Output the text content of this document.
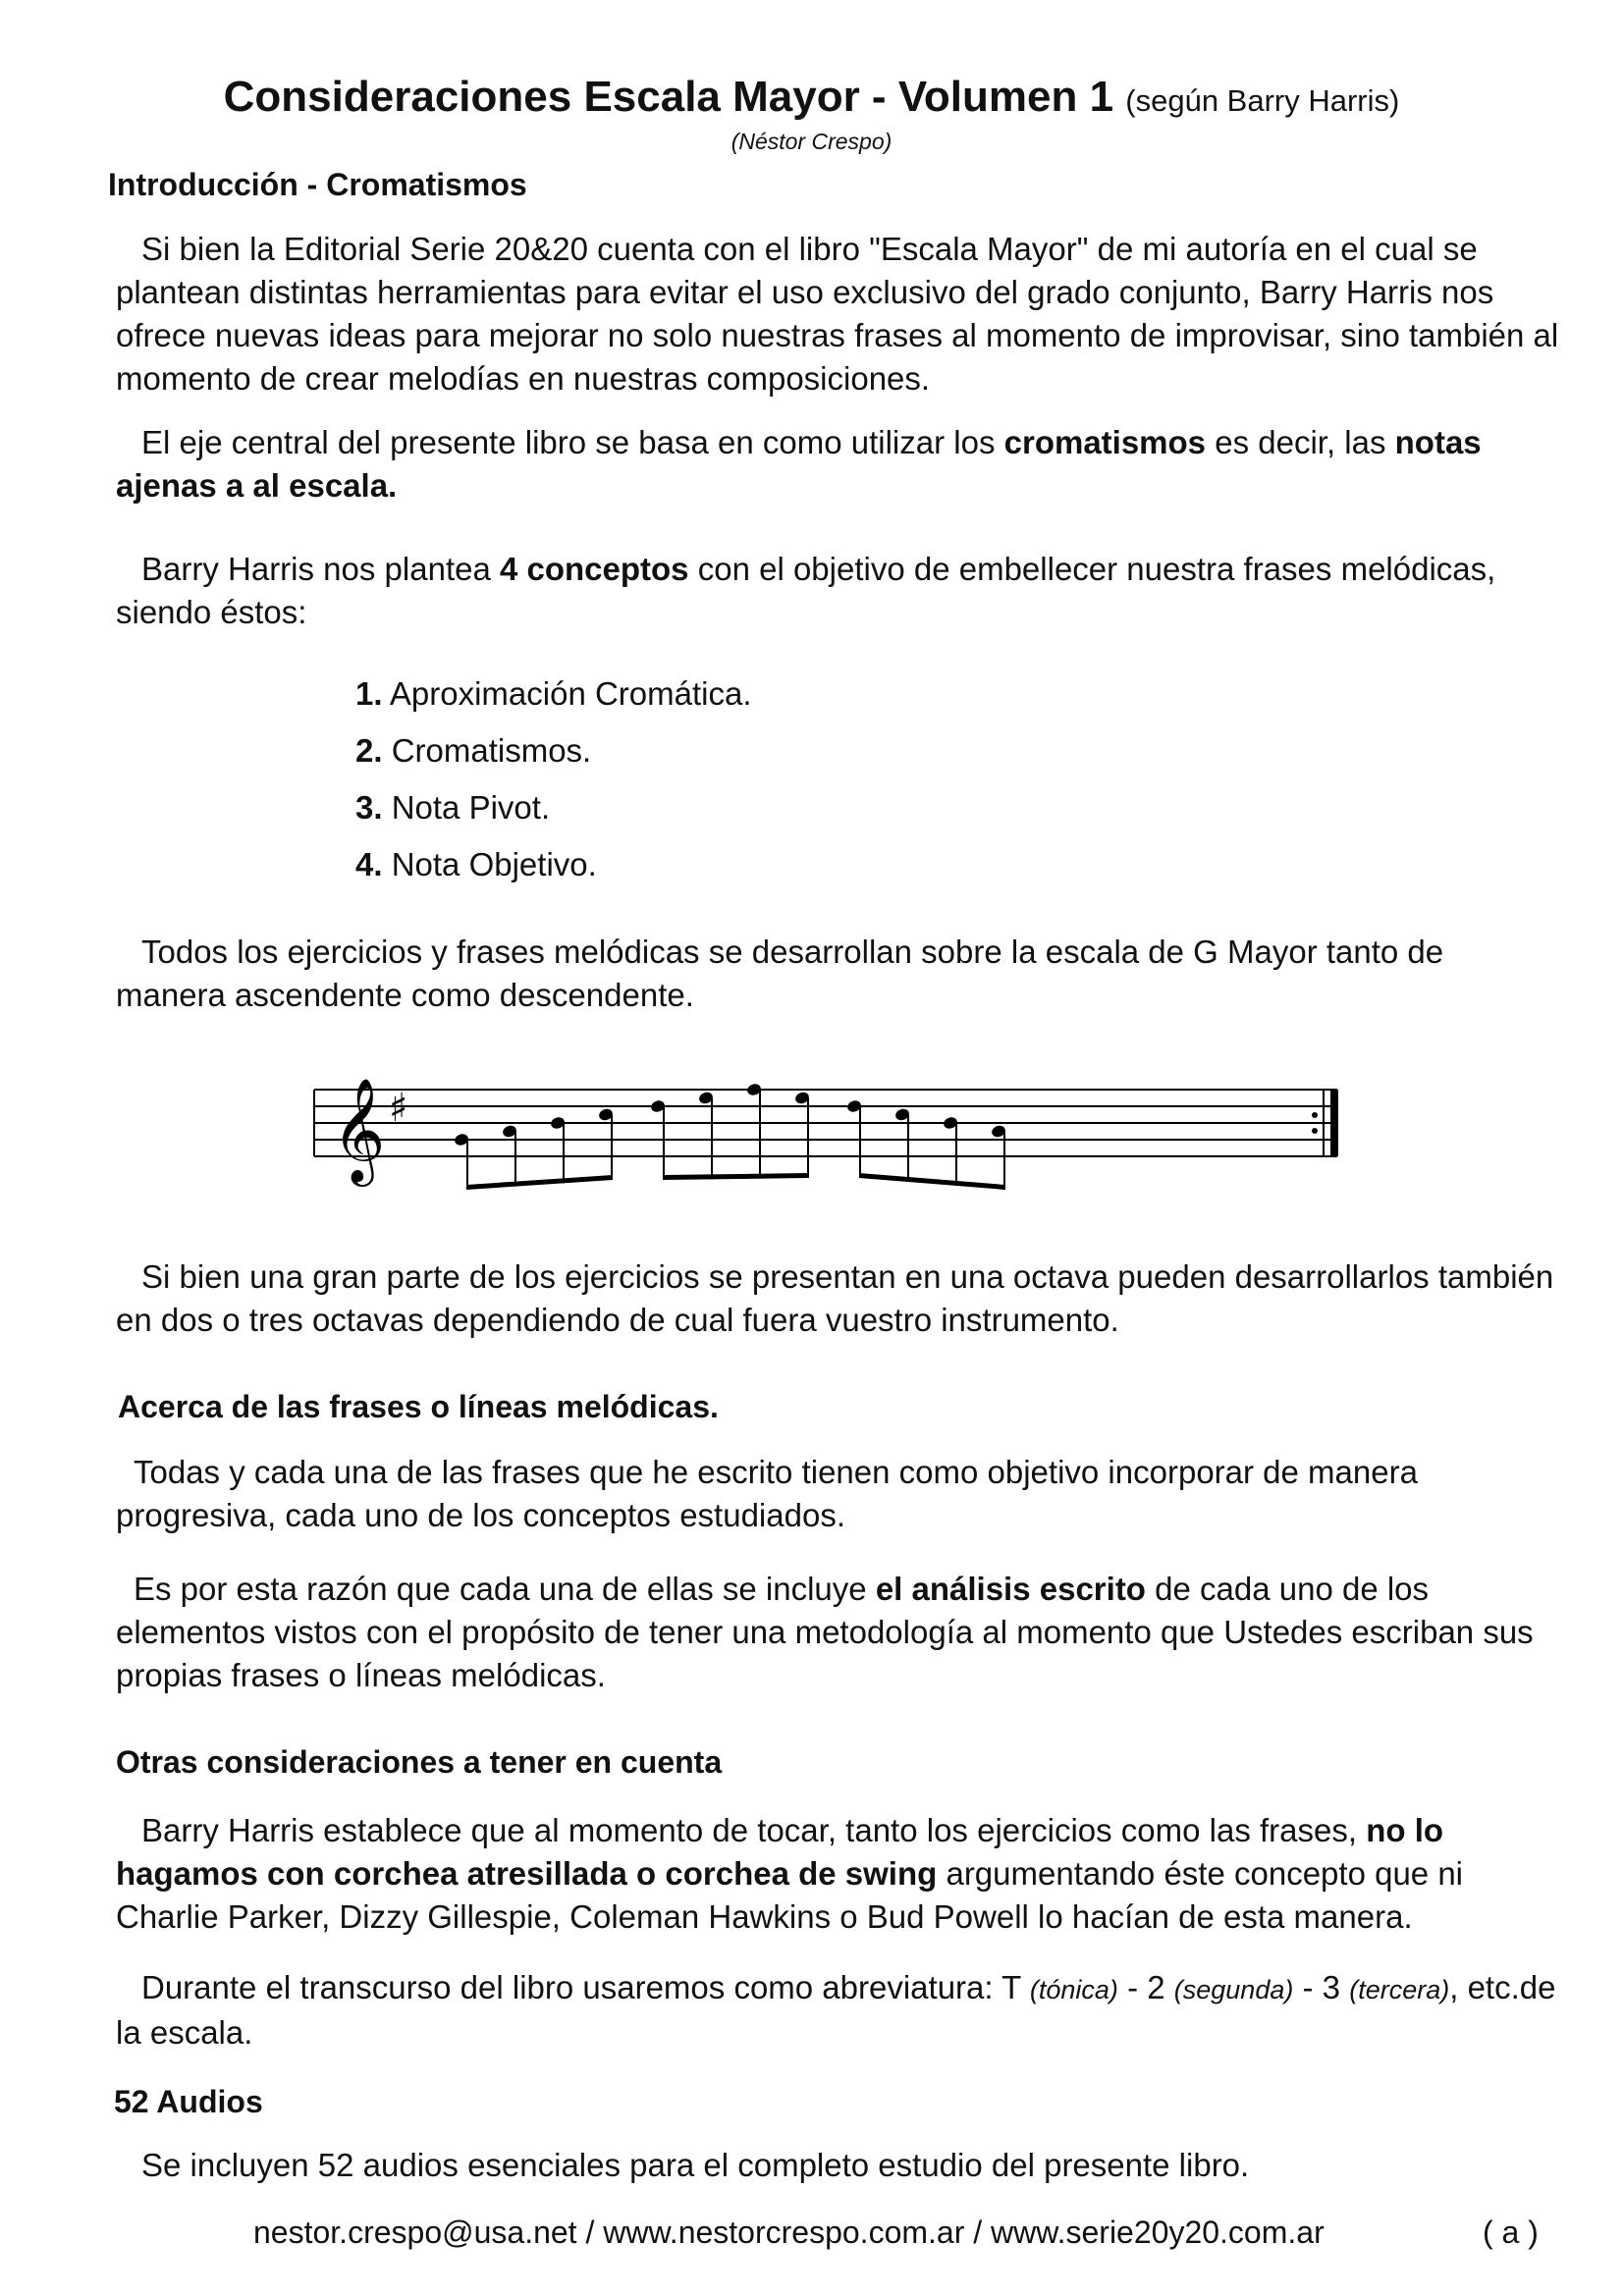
Consideraciones Escala Mayor - Volumen 1 (según Barry Harris)
(Néstor Crespo)
Introducción - Cromatismos
Si bien la Editorial Serie 20&20 cuenta con el libro "Escala Mayor" de mi autoría en el cual se plantean distintas herramientas para evitar el uso exclusivo del grado conjunto, Barry Harris nos ofrece nuevas ideas para mejorar no solo nuestras frases al momento de improvisar, sino también al momento de crear melodías en nuestras composiciones.
El eje central del presente libro se basa en como utilizar los cromatismos es decir, las notas ajenas a al escala.
Barry Harris nos plantea 4 conceptos con el objetivo de embellecer nuestra frases melódicas, siendo éstos:
1. Aproximación Cromática.
2. Cromatismos.
3. Nota Pivot.
4. Nota Objetivo.
Todos los ejercicios y frases melódicas se desarrollan sobre la escala de G Mayor tanto de manera ascendente como descendente.
𝄞 ♯
Si bien una gran parte de los ejercicios se presentan en una octava pueden desarrollarlos también en dos o tres octavas dependiendo de cual fuera vuestro instrumento.
Acerca de las frases o líneas melódicas.
Todas y cada una de las frases que he escrito tienen como objetivo incorporar de manera progresiva, cada uno de los conceptos estudiados.
Es por esta razón que cada una de ellas se incluye el análisis escrito de cada uno de los elementos vistos con el propósito de tener una metodología al momento que Ustedes escriban sus propias frases o líneas melódicas.
Otras consideraciones a tener en cuenta
Barry Harris establece que al momento de tocar, tanto los ejercicios como las frases, no lo hagamos con corchea atresillada o corchea de swing argumentando éste concepto que ni Charlie Parker, Dizzy Gillespie, Coleman Hawkins o Bud Powell lo hacían de esta manera.
Durante el transcurso del libro usaremos como abreviatura: T (tónica) - 2 (segunda) - 3 (tercera), etc.de la escala.
52 Audios
Se incluyen 52 audios esenciales para el completo estudio del presente libro.
nestor.crespo@usa.net / www.nestorcrespo.com.ar / www.serie20y20.com.ar	( a )
